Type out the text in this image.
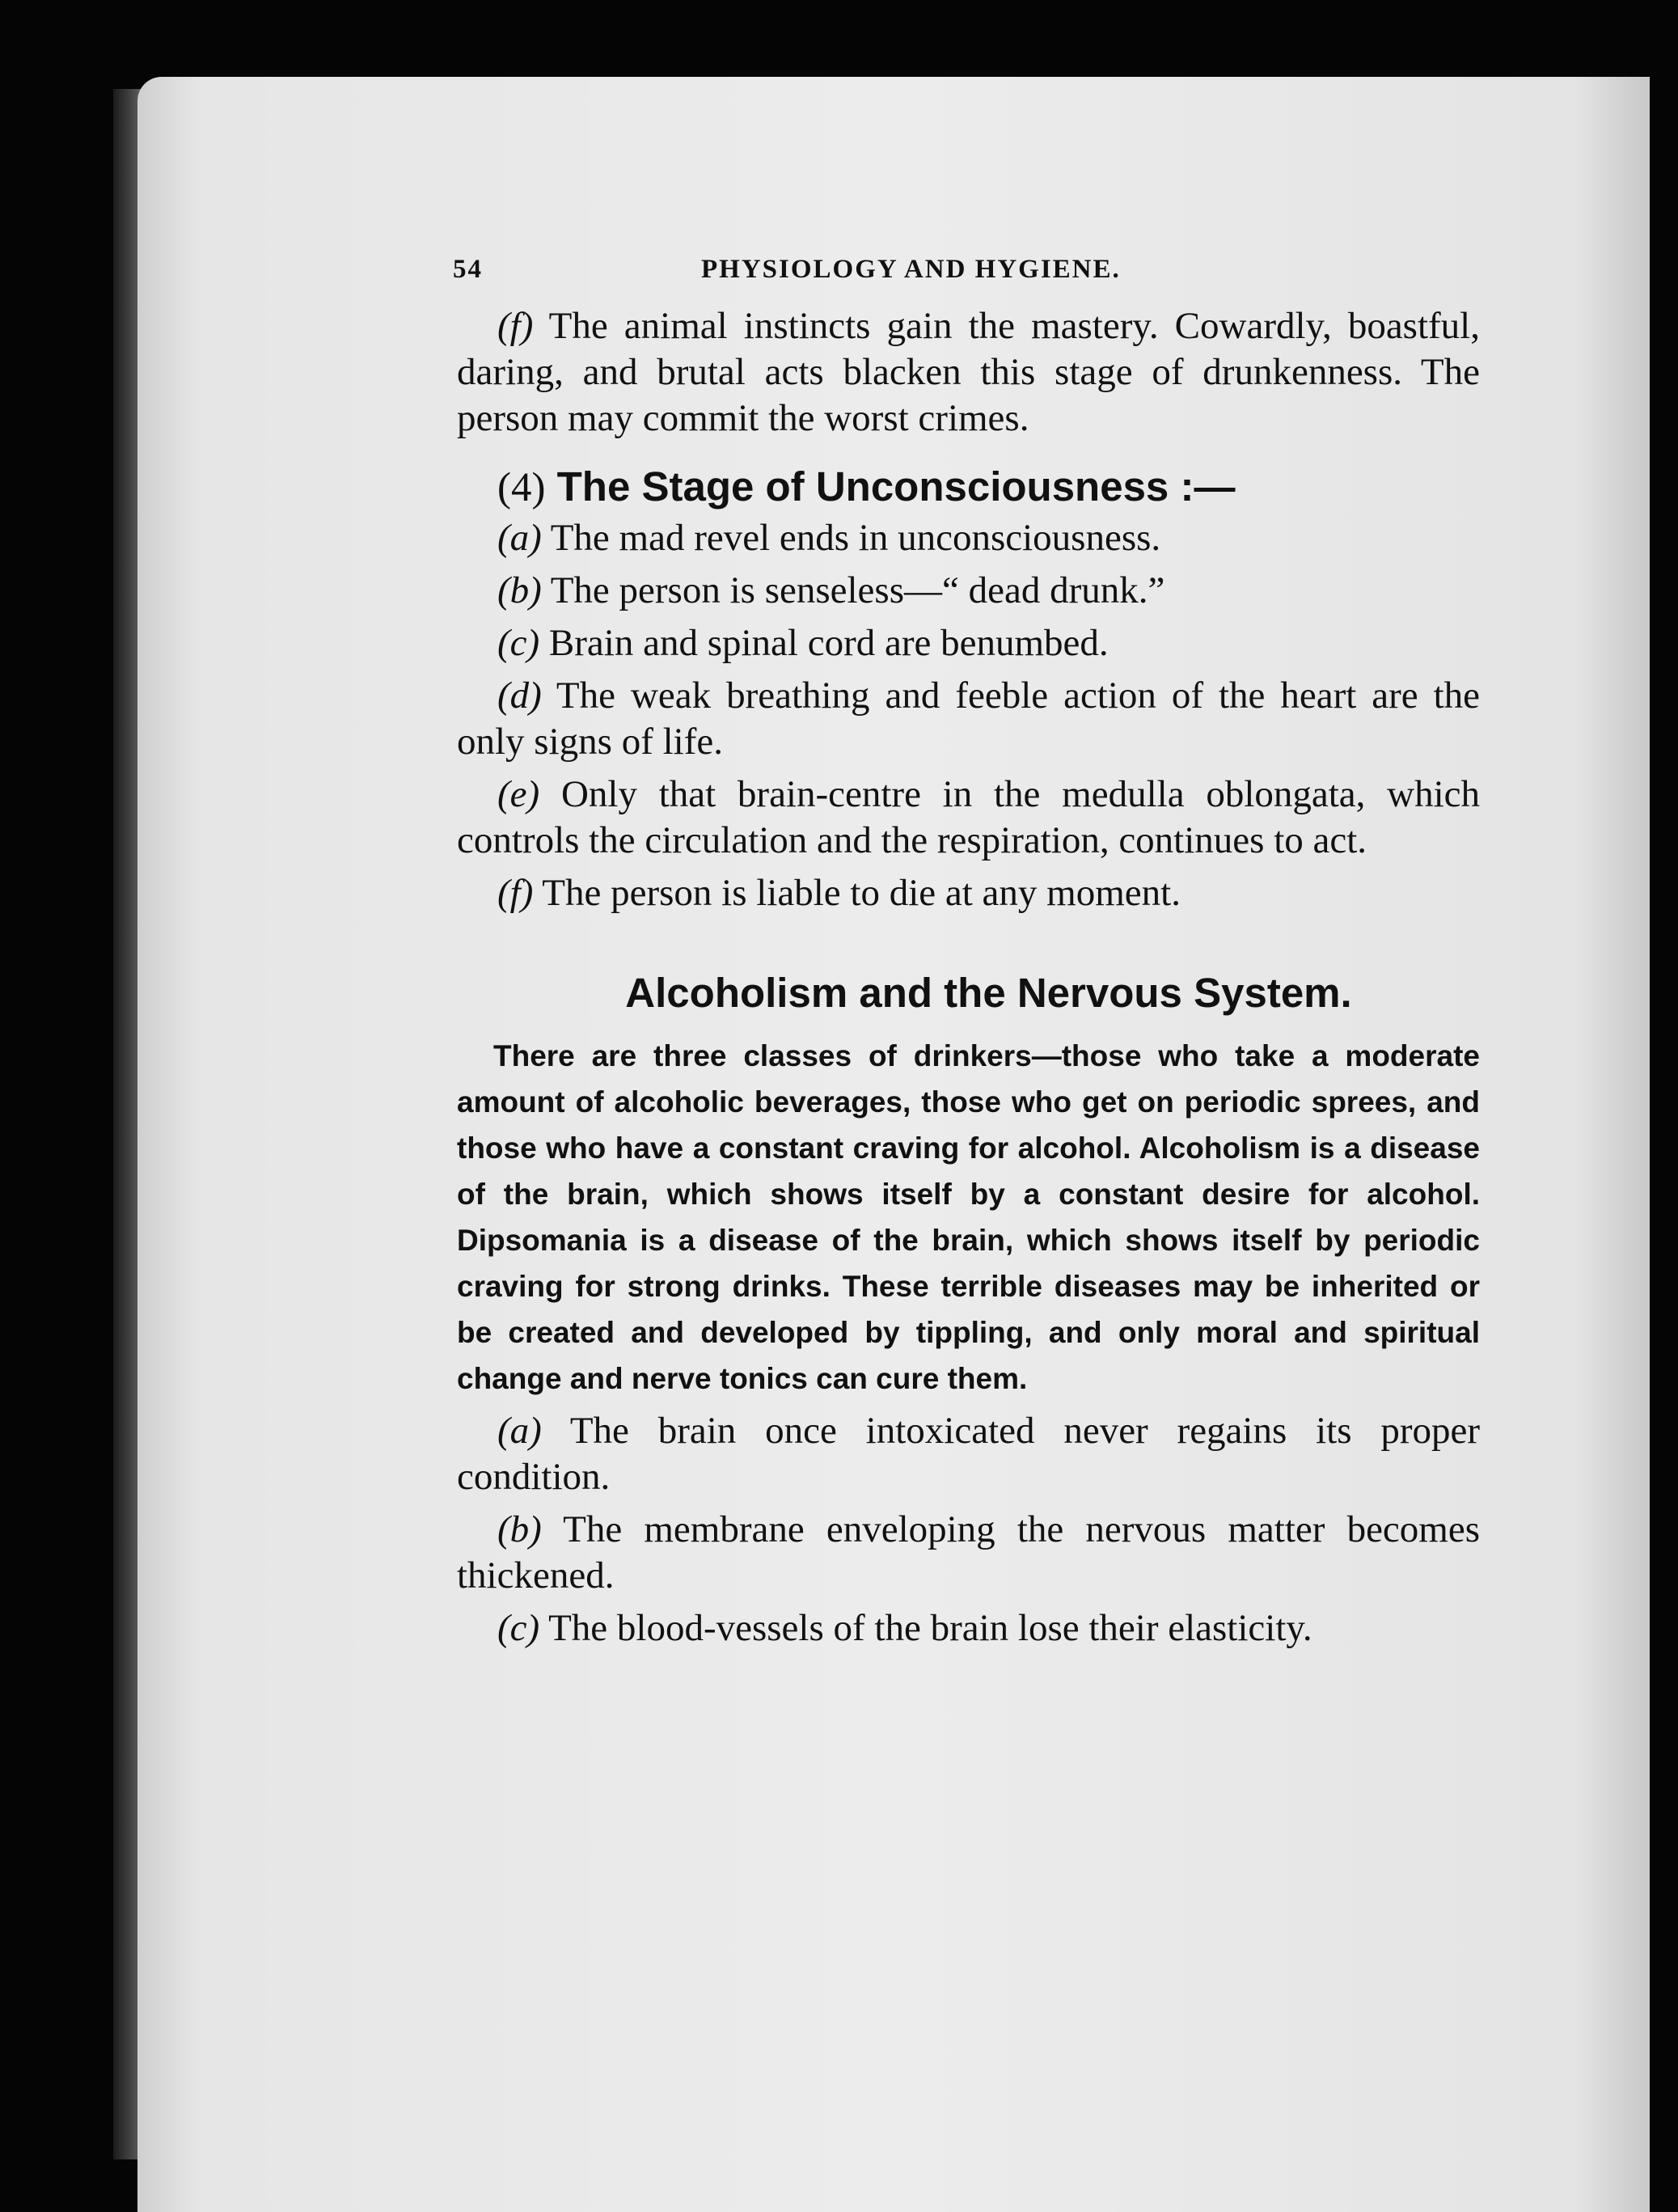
54	PHYSIOLOGY AND HYGIENE.

(f) The animal instincts gain the mastery. Cowardly, boastful, daring, and brutal acts blacken this stage of drunkenness. The person may commit the worst crimes.

(4) The Stage of Unconsciousness :—

(a) The mad revel ends in unconsciousness.

(b) The person is senseless—“ dead drunk.”

(c) Brain and spinal cord are benumbed.

(d) The weak breathing and feeble action of the heart are the only signs of life.

(e) Only that brain-centre in the medulla oblongata, which controls the circulation and the respiration, continues to act.

(f) The person is liable to die at any moment.

Alcoholism and the Nervous System.

There are three classes of drinkers—those who take a moderate amount of alcoholic beverages, those who get on periodic sprees, and those who have a constant craving for alcohol. Alcoholism is a disease of the brain, which shows itself by a constant desire for alcohol. Dipsomania is a disease of the brain, which shows itself by periodic craving for strong drinks. These terrible diseases may be inherited or be created and developed by tippling, and only moral and spiritual change and nerve tonics can cure them.

(a) The brain once intoxicated never regains its proper condition.

(b) The membrane enveloping the nervous matter becomes thickened.

(c) The blood-vessels of the brain lose their elasticity.
